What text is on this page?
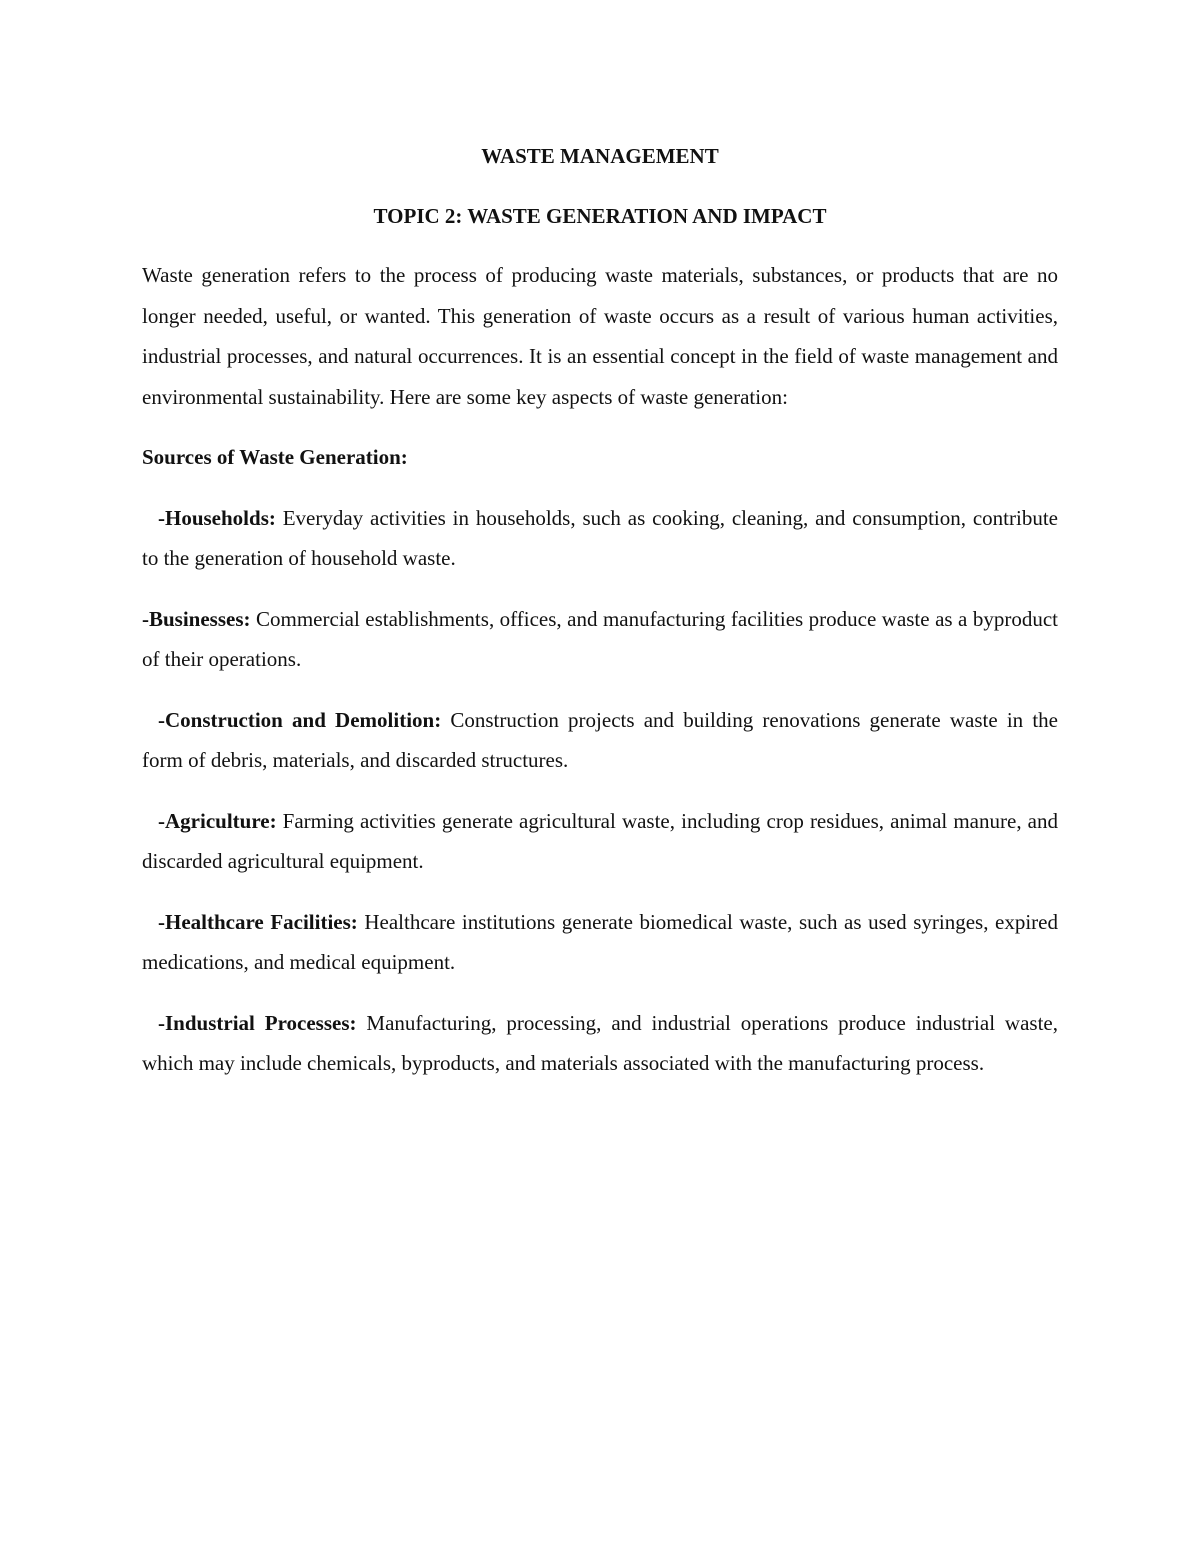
WASTE MANAGEMENT

TOPIC 2: WASTE GENERATION AND IMPACT

Waste generation refers to the process of producing waste materials, substances, or products that are no longer needed, useful, or wanted. This generation of waste occurs as a result of various human activities, industrial processes, and natural occurrences. It is an essential concept in the field of waste management and environmental sustainability. Here are some key aspects of waste generation:

Sources of Waste Generation:

-Households: Everyday activities in households, such as cooking, cleaning, and consumption, contribute to the generation of household waste.

-Businesses: Commercial establishments, offices, and manufacturing facilities produce waste as a byproduct of their operations.

-Construction and Demolition: Construction projects and building renovations generate waste in the form of debris, materials, and discarded structures.

-Agriculture: Farming activities generate agricultural waste, including crop residues, animal manure, and discarded agricultural equipment.

-Healthcare Facilities: Healthcare institutions generate biomedical waste, such as used syringes, expired medications, and medical equipment.

-Industrial Processes: Manufacturing, processing, and industrial operations produce industrial waste, which may include chemicals, byproducts, and materials associated with the manufacturing process.
